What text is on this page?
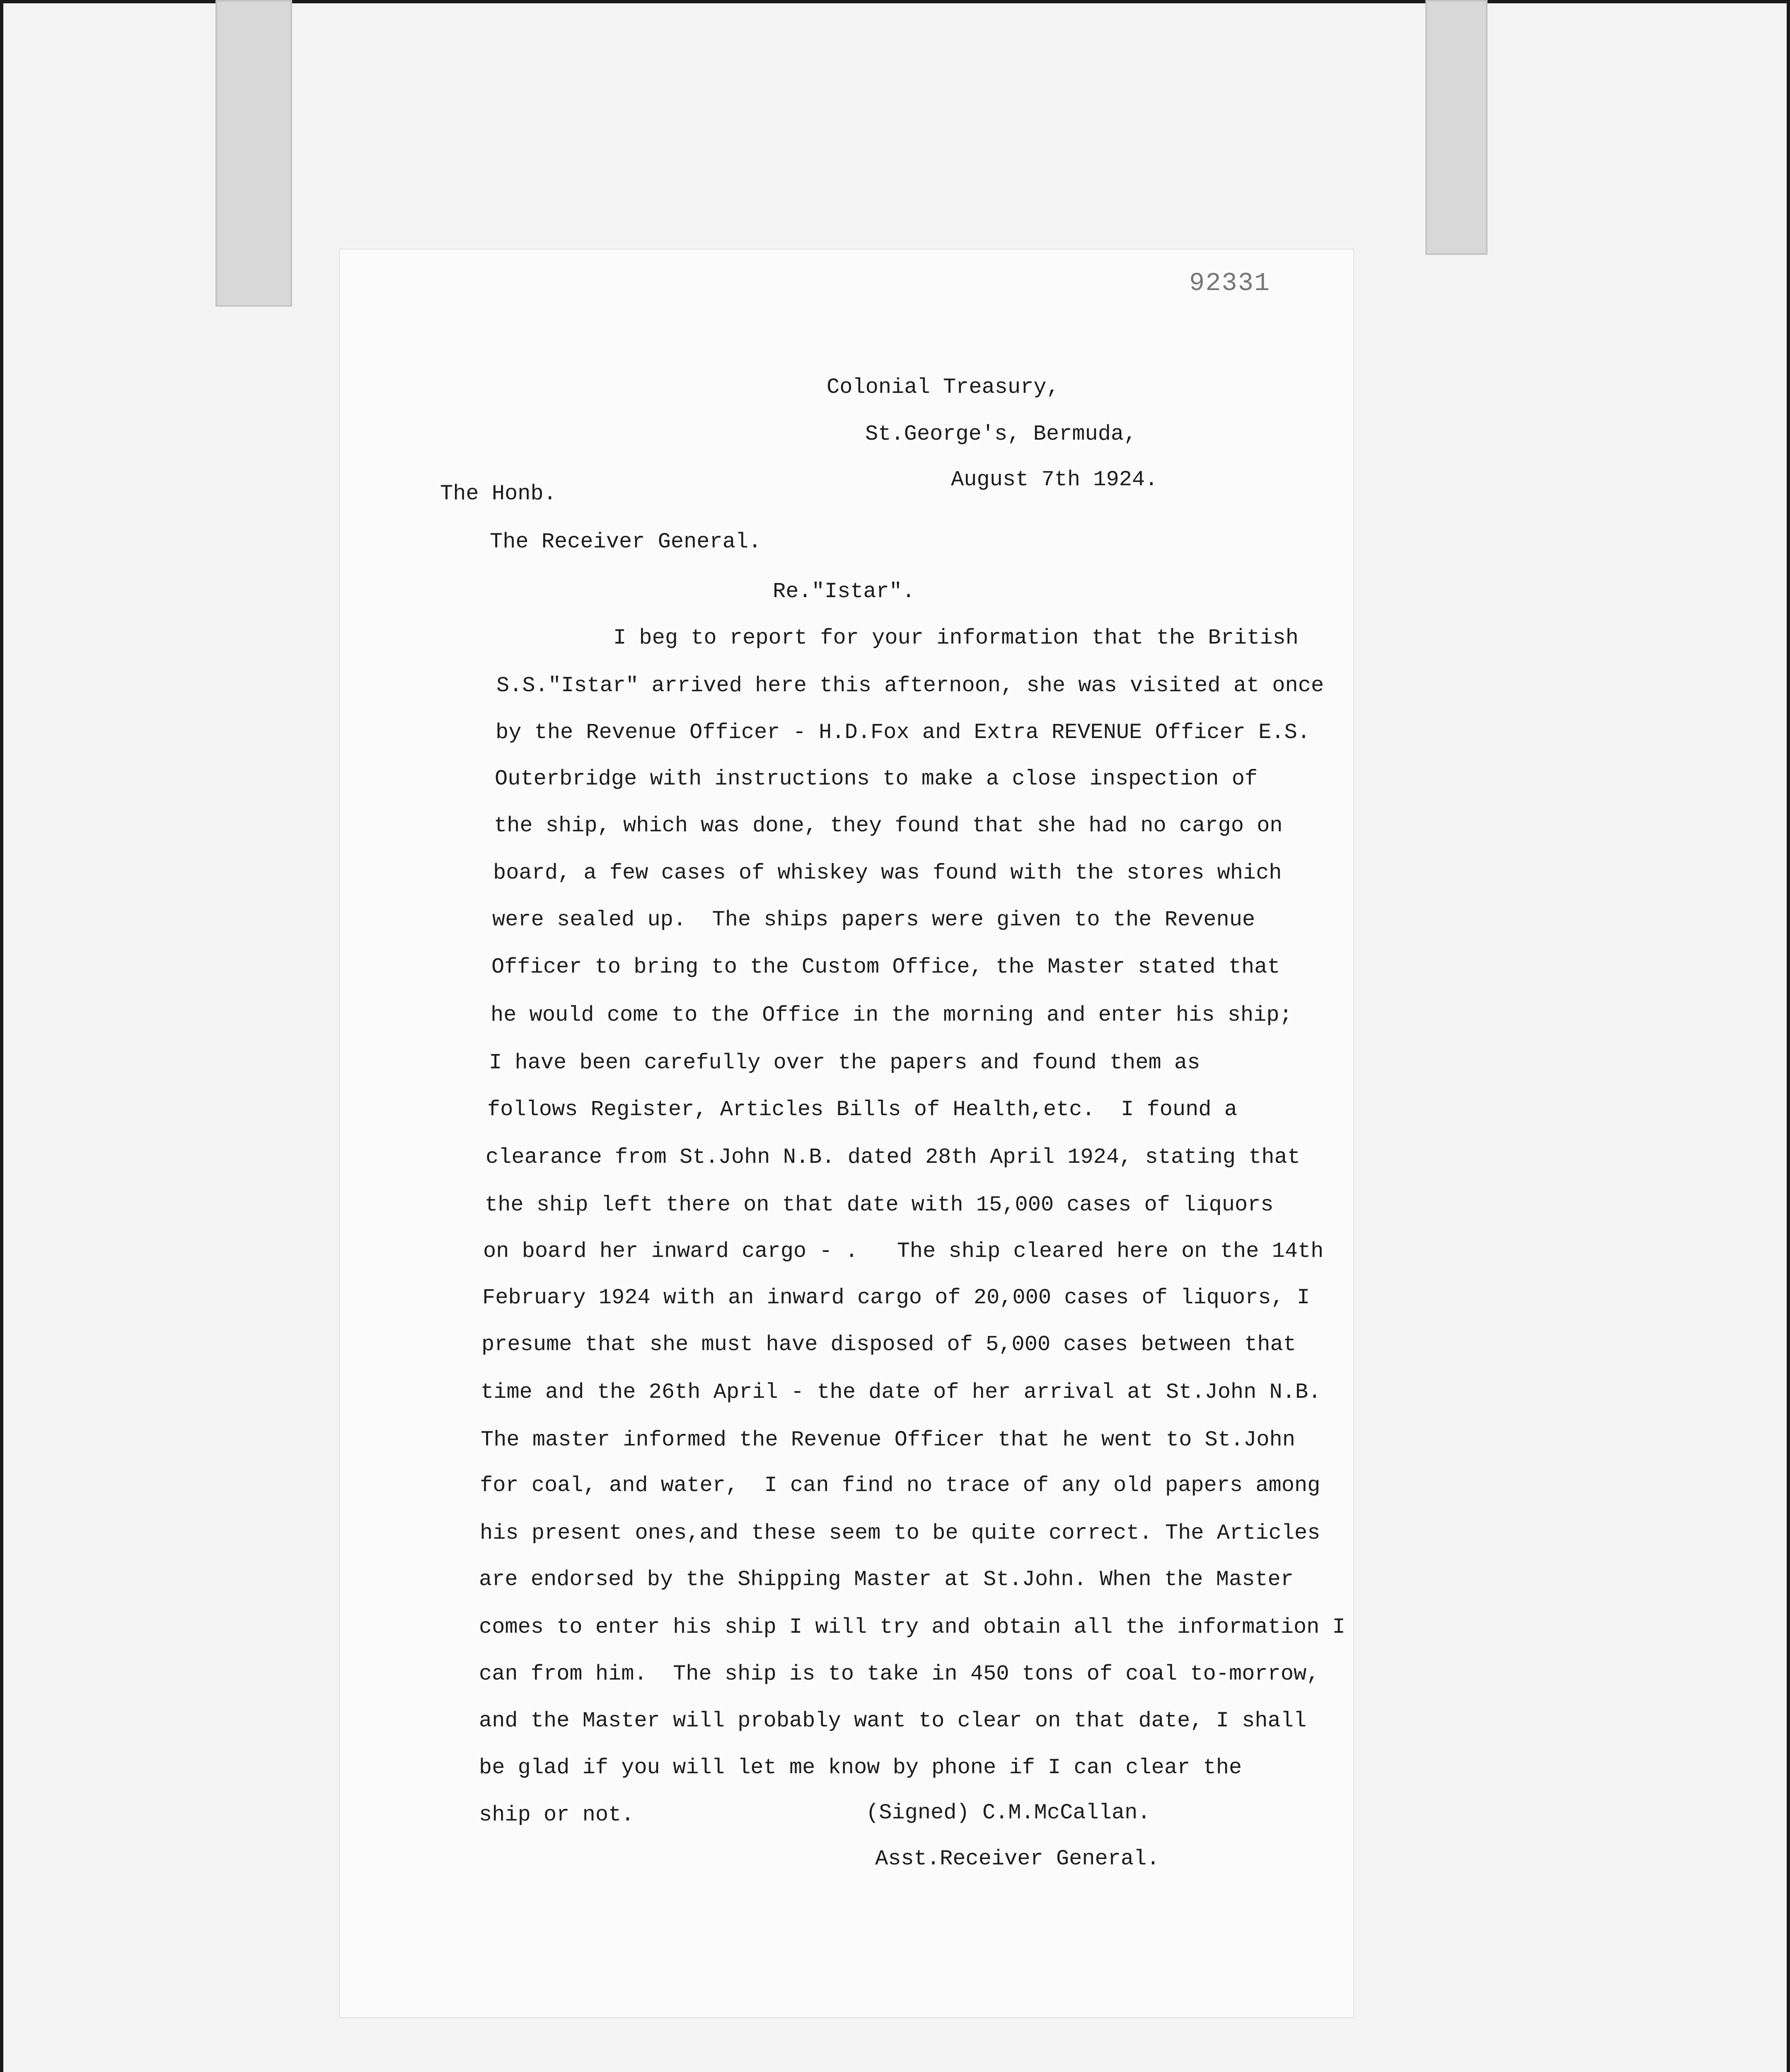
92331
Colonial Treasury,
St.George's, Bermuda,
August 7th 1924.
The Honb.
The Receiver General.
Re."Istar".
I beg to report for your information that the British
S.S."Istar" arrived here this afternoon, she was visited at once
by the Revenue Officer - H.D.Fox and Extra REVENUE Officer E.S.
Outerbridge with instructions to make a close inspection of
the ship, which was done, they found that she had no cargo on
board, a few cases of whiskey was found with the stores which
were sealed up.  The ships papers were given to the Revenue
Officer to bring to the Custom Office, the Master stated that
he would come to the Office in the morning and enter his ship;
I have been carefully over the papers and found them as
follows Register, Articles Bills of Health,etc.  I found a
clearance from St.John N.B. dated 28th April 1924, stating that
the ship left there on that date with 15,000 cases of liquors
on board her inward cargo - .   The ship cleared here on the 14th
February 1924 with an inward cargo of 20,000 cases of liquors, I
presume that she must have disposed of 5,000 cases between that
time and the 26th April - the date of her arrival at St.John N.B.
The master informed the Revenue Officer that he went to St.John
for coal, and water,  I can find no trace of any old papers among
his present ones,and these seem to be quite correct. The Articles
are endorsed by the Shipping Master at St.John. When the Master
comes to enter his ship I will try and obtain all the information I
can from him.  The ship is to take in 450 tons of coal to-morrow,
and the Master will probably want to clear on that date, I shall
be glad if you will let me know by phone if I can clear the
ship or not.	(Signed) C.M.McCallan.
Asst.Receiver General.
